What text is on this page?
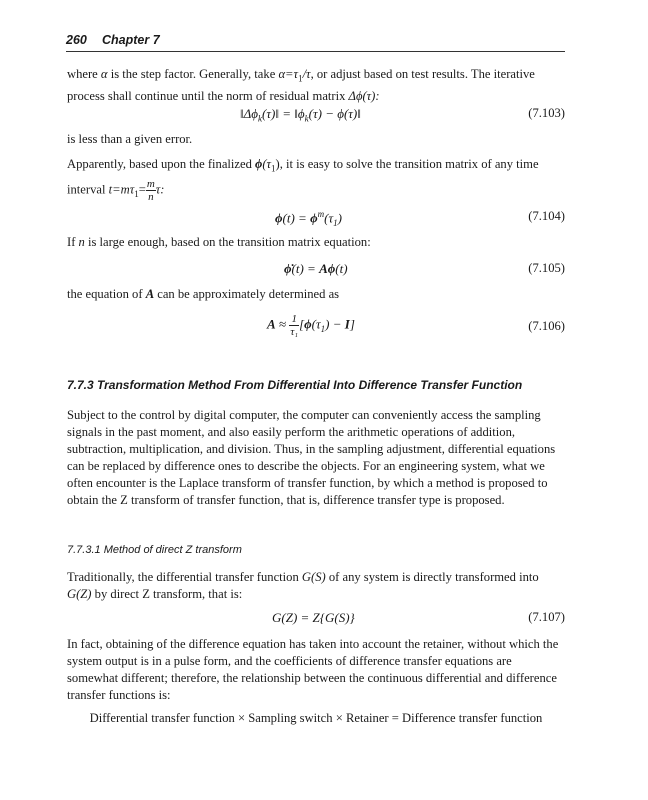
260 Chapter 7
where α is the step factor. Generally, take $\alpha=\tau_1/\tau$, or adjust based on test results. The iterative process shall continue until the norm of residual matrix Δϕ(τ):
$‖\Delta\phi_k(\tau)‖$ = $‖\phi_k(\tau)$ − ϕ(τ)‖	(7.103)
is less than a given error.
Apparently, based upon the finalized $\phi(\tau_1)$, it is easy to solve the transition matrix of any time
interval $t=m\tau_1= \frac{m}{n} \tau$:
$\phi(t) = \phi^m(\tau_1)$	(7.104)
If n is large enough, based on the transition matrix equation:
ϕ̇(t) = Aϕ(t)	(7.105)
the equation of A can be approximately determined as
$A \approx \frac{1}{\text{τ₁}} [\phi(\tau_1) - I]$	(7.106)
7.7.3 Transformation Method From Differential Into Difference Transfer Function
Subject to the control by digital computer, the computer can conveniently access the sampling signals in the past moment, and also easily perform the arithmetic operations of addition, subtraction, multiplication, and division. Thus, in the sampling adjustment, differential equations can be replaced by difference ones to describe the objects. For an engineering system, what we often encounter is the Laplace transform of transfer function, by which a method is proposed to obtain the Z transform of transfer function, that is, difference transfer type is proposed.
7.7.3.1 Method of direct Z transform
Traditionally, the differential transfer function G(S) of any system is directly transformed into G(Z) by direct Z transform, that is:
G(Z) = Z{G(S)}	(7.107)
In fact, obtaining of the difference equation has taken into account the retainer, without which the system output is in a pulse form, and the coefficients of difference transfer equations are somewhat different; therefore, the relationship between the continuous differential and difference transfer functions is:
Differential transfer function × Sampling switch × Retainer = Difference transfer function
